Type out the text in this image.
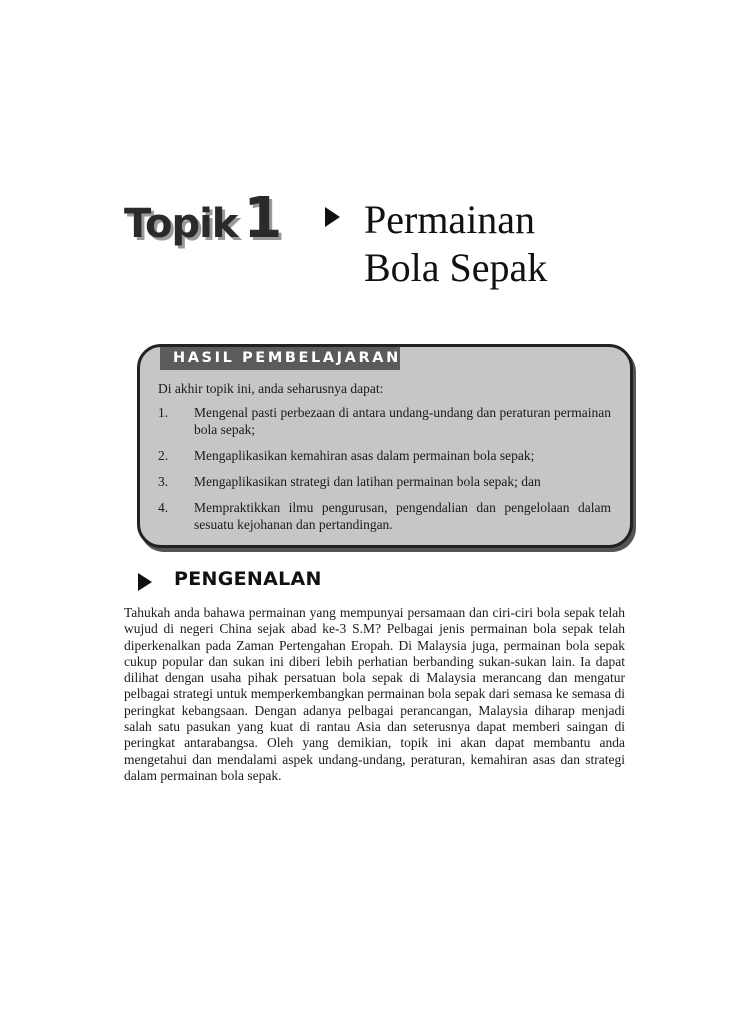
Topik 1 Permainan
Bola Sepak
HASIL PEMBELAJARAN
Di akhir topik ini, anda seharusnya dapat:
1.	Mengenal pasti perbezaan di antara undang-undang dan peraturan permainan bola sepak;
2.	Mengaplikasikan kemahiran asas dalam permainan bola sepak;
3.	Mengaplikasikan strategi dan latihan permainan bola sepak; dan
4.	Mempraktikkan ilmu pengurusan, pengendalian dan pengelolaan dalam sesuatu kejohanan dan pertandingan.
PENGENALAN

Tahukah anda bahawa permainan yang mempunyai persamaan dan ciri-ciri bola sepak telah wujud di negeri China sejak abad ke-3 S.M? Pelbagai jenis permainan bola sepak telah diperkenalkan pada Zaman Pertengahan Eropah. Di Malaysia juga, permainan bola sepak cukup popular dan sukan ini diberi lebih perhatian berbanding sukan-sukan lain. Ia dapat dilihat dengan usaha pihak persatuan bola sepak di Malaysia merancang dan mengatur pelbagai strategi untuk memperkembangkan permainan bola sepak dari semasa ke semasa di peringkat kebangsaan. Dengan adanya pelbagai perancangan, Malaysia diharap menjadi salah satu pasukan yang kuat di rantau Asia dan seterusnya dapat memberi saingan di peringkat antarabangsa. Oleh yang demikian, topik ini akan dapat membantu anda mengetahui dan mendalami aspek undang-undang, peraturan, kemahiran asas dan strategi dalam permainan bola sepak.
